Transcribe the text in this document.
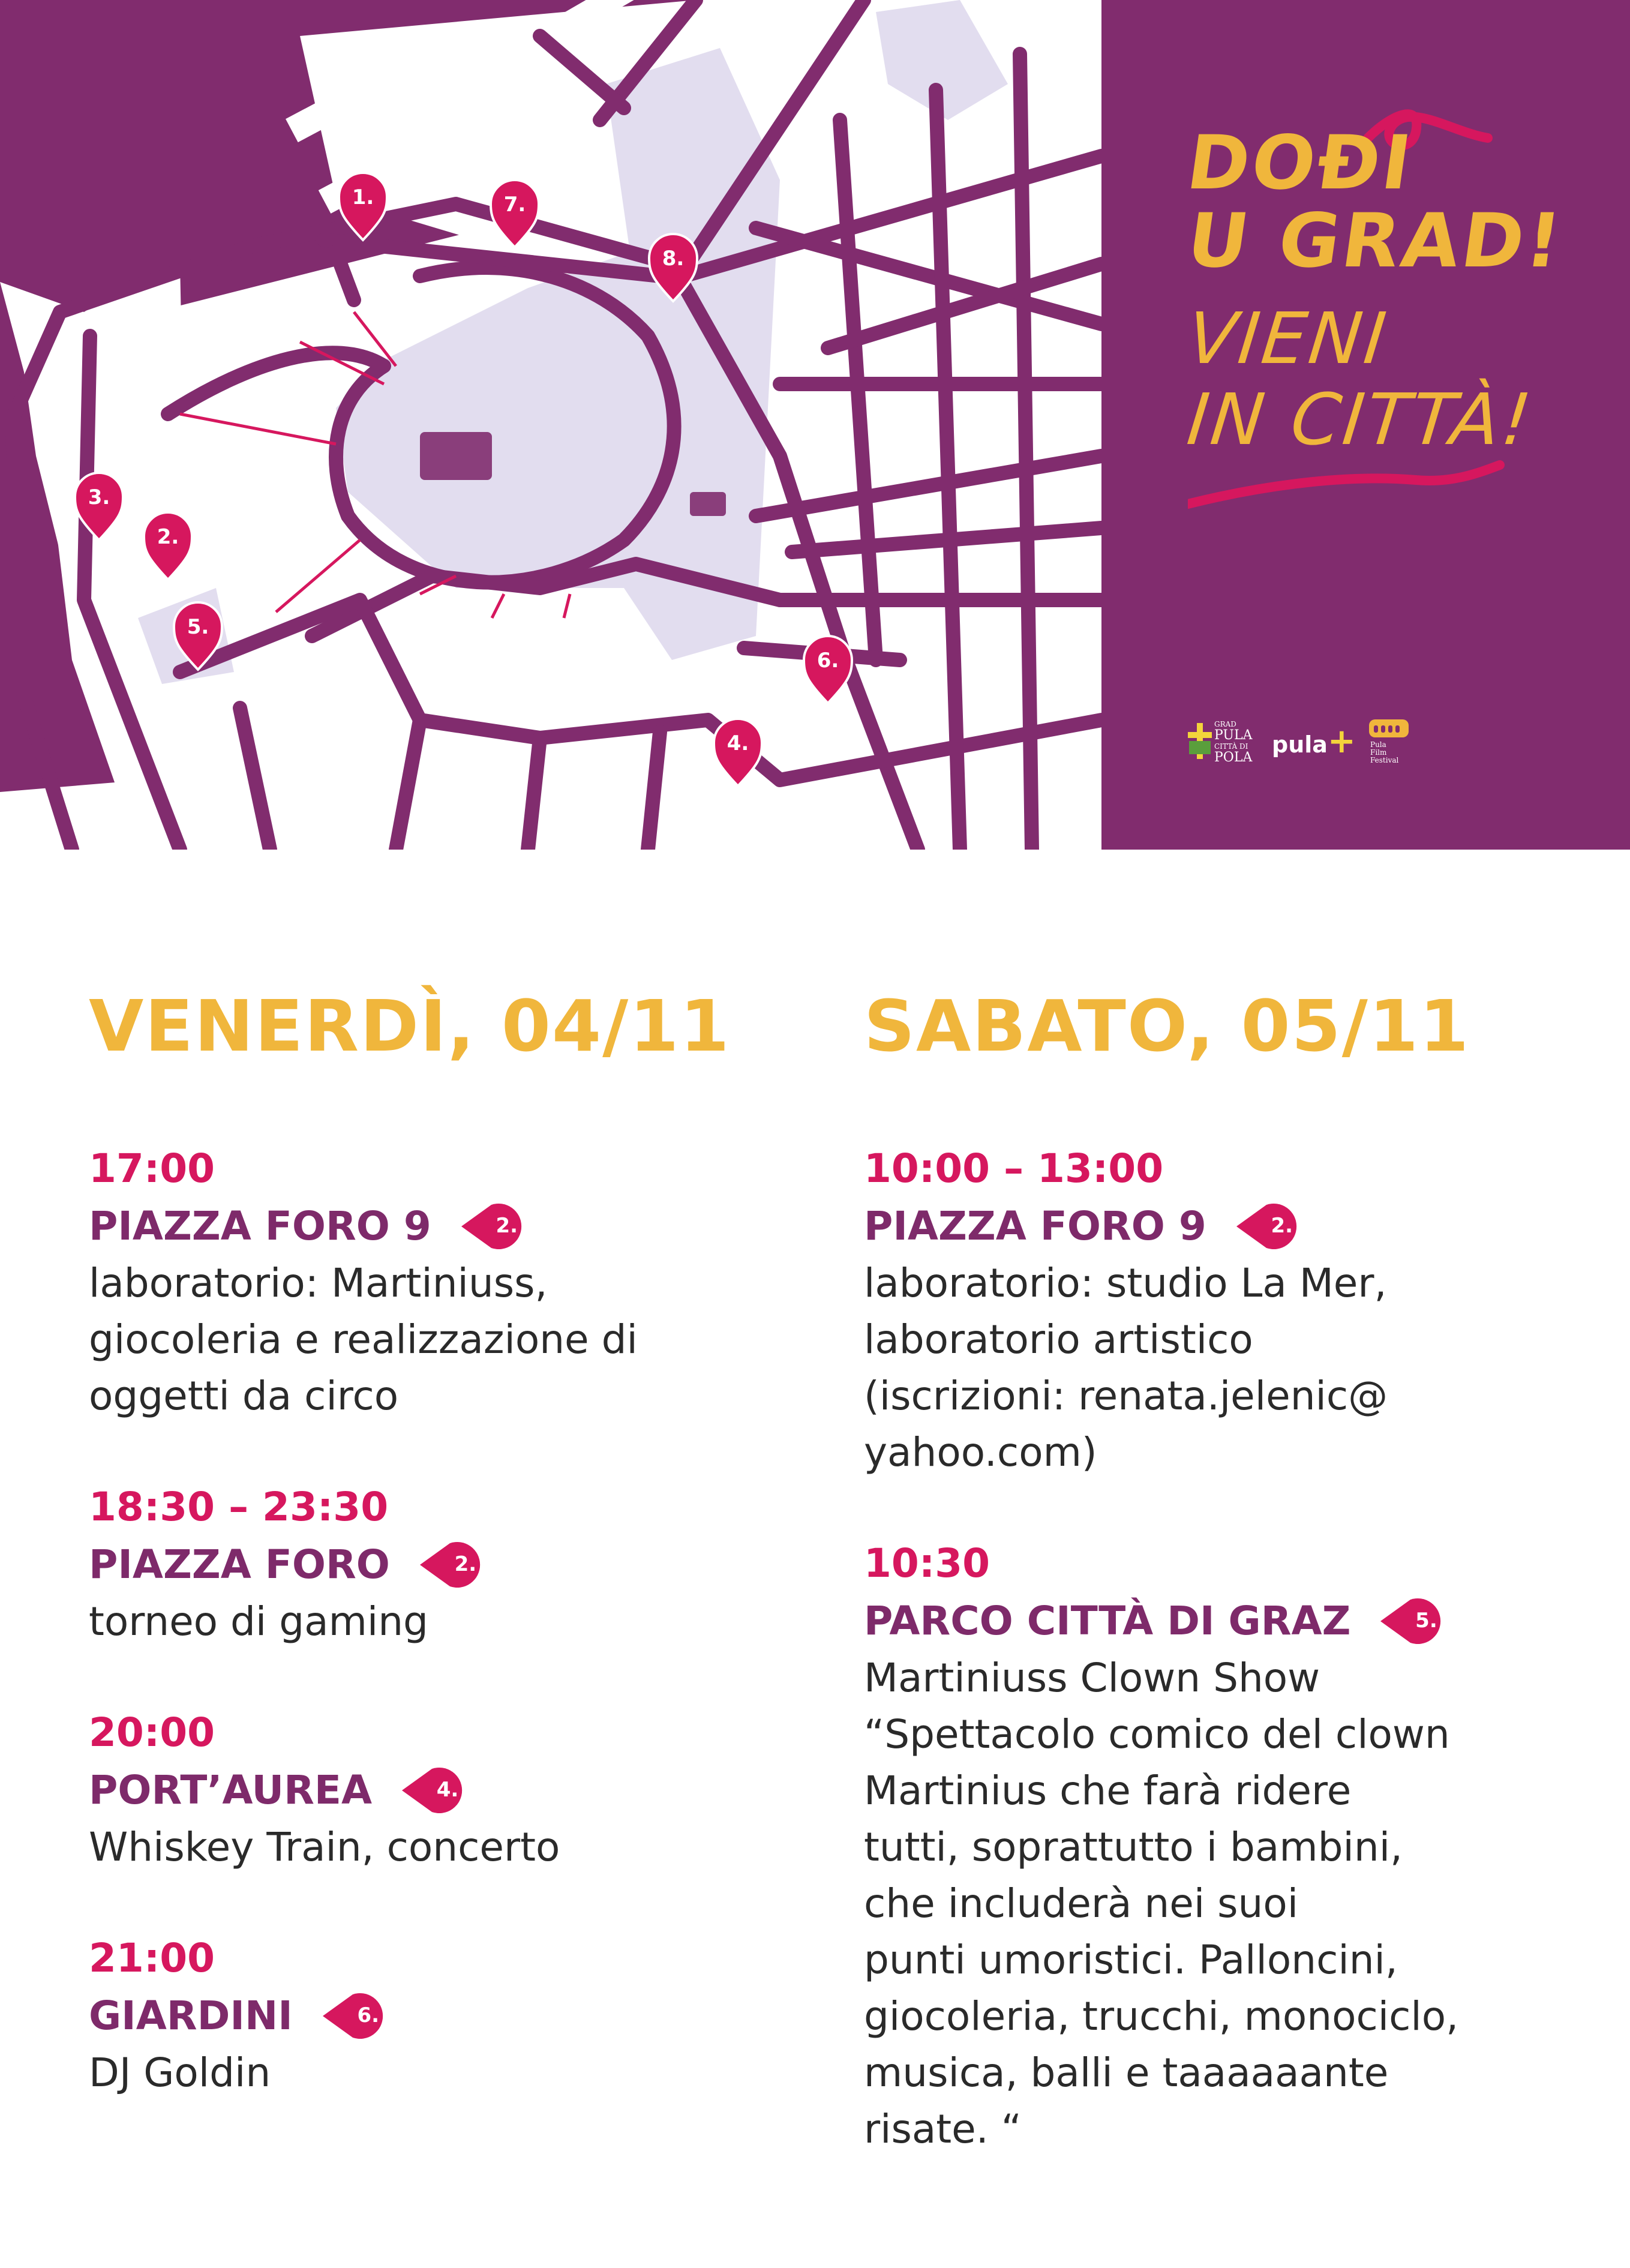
1.
2.
3.
4.
5.
6.
7.
8.
DOĐI
U GRAD!
VIENI
IN CITTÀ!
GRAD
PULA
CITTÀ DI
POLA pula+ Pula
Film
Festival
VENERDÌ, 04/11
17:00
PIAZZA FORO 9	2.
laboratorio: Martiniuss,
giocoleria e realizzazione di
oggetti da circo
18:30 – 23:30
PIAZZA FORO	2.
torneo di gaming
20:00
PORT’AUREA	4.
Whiskey Train, concerto
21:00
GIARDINI	6.
DJ Goldin
SABATO, 05/11
10:00 – 13:00
PIAZZA FORO 9	2.
laboratorio: studio La Mer,
laboratorio artistico
(iscrizioni: renata.jelenic@
yahoo.com)
10:30
PARCO CITTÀ DI GRAZ	5.
Martiniuss Clown Show
“Spettacolo comico del clown
Martinius che farà ridere
tutti, soprattutto i bambini,
che includerà nei suoi
punti umoristici. Palloncini,
giocoleria, trucchi, monociclo,
musica, balli e taaaaaante
risate. “
